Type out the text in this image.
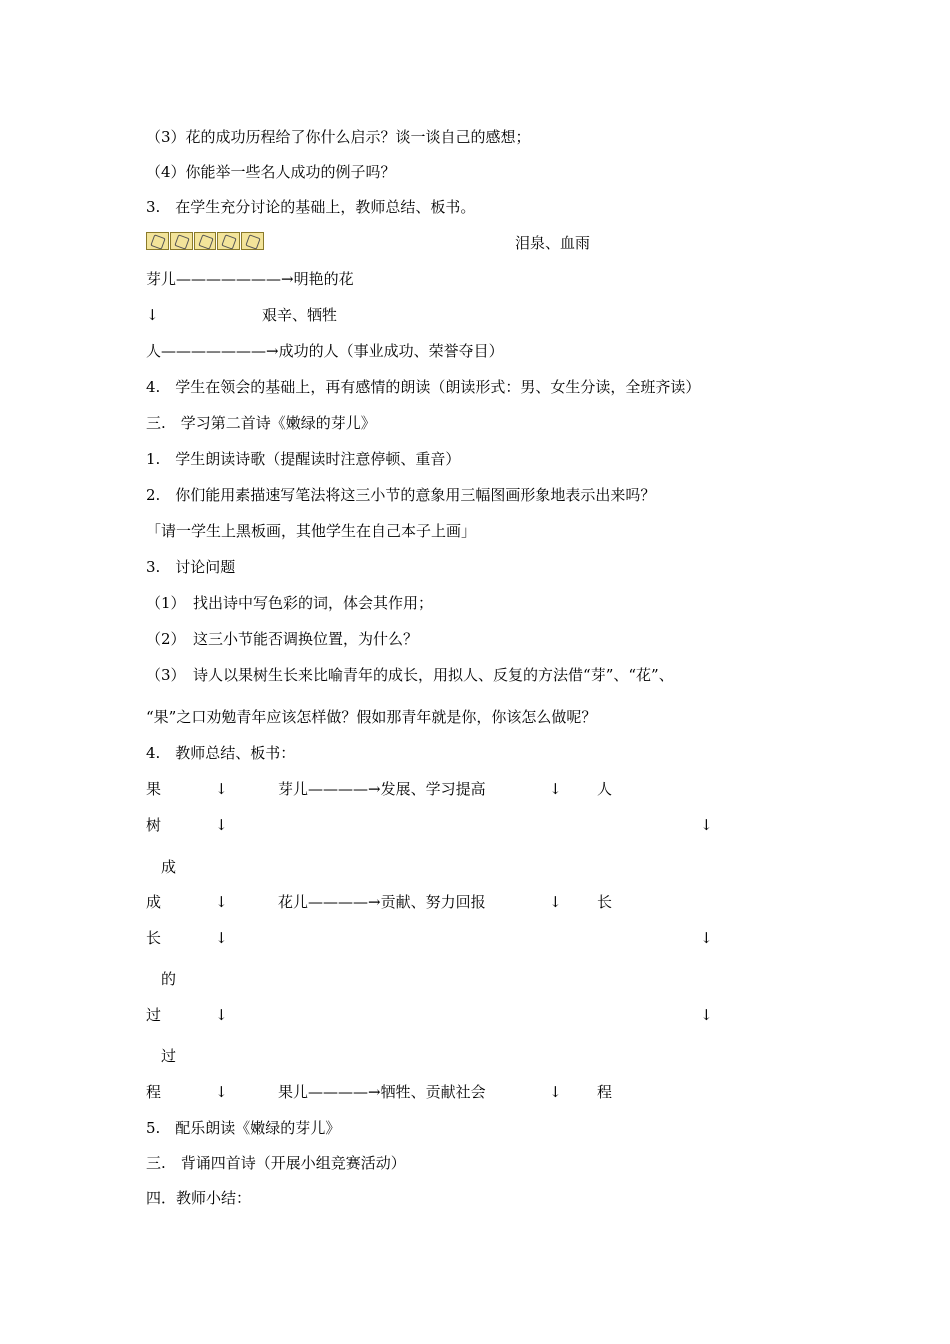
（3）花的成功历程给了你什么启示？谈一谈自己的感想；
（4）你能举一些名人成功的例子吗？
3.　在学生充分讨论的基础上，教师总结、板书。
泪泉、血雨
芽儿———————→明艳的花
↓	艰辛、牺牲
人———————→成功的人（事业成功、荣誉夺目）
4.　学生在领会的基础上，再有感情的朗读（朗读形式：男、女生分读，全班齐读）
三.　学习第二首诗《嫩绿的芽儿》
1.　学生朗读诗歌（提醒读时注意停顿、重音）
2.　你们能用素描速写笔法将这三小节的意象用三幅图画形象地表示出来吗？
「请一学生上黑板画，其他学生在自己本子上画」
3.　讨论问题
（1）　找出诗中写色彩的词，体会其作用；
（2）　这三小节能否调换位置，为什么？
（3）　诗人以果树生长来比喻青年的成长，用拟人、反复的方法借“芽”、“花”、
“果”之口劝勉青年应该怎样做？假如那青年就是你，你该怎么做呢？
4.　教师总结、板书：
果
树
成
成
长
的
过
过
程
↓
↓
↓
↓
↓
↓
芽儿————→发展、学习提高
花儿————→贡献、努力回报
果儿————→牺牲、贡献社会
↓
↓
↓
人
长
程
↓
↓
↓
5.　配乐朗读《嫩绿的芽儿》
三.　背诵四首诗（开展小组竞赛活动）
四．教师小结：
